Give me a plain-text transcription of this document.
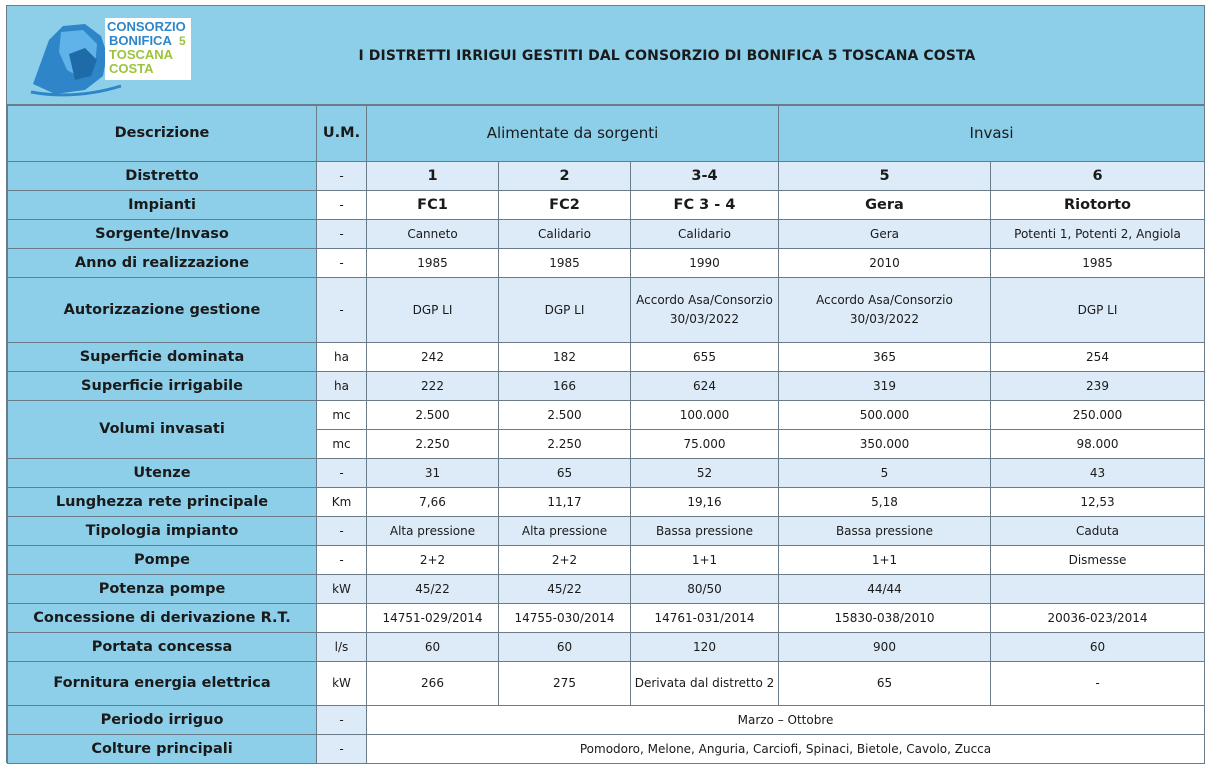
CONSORZIO
BONIFICA 5
TOSCANA
COSTA
I DISTRETTI IRRIGUI GESTITI DAL CONSORZIO DI BONIFICA 5 TOSCANA COSTA
Descrizione	U.M.	Alimentate da sorgenti			Invasi	
Distretto	-	1	2	3-4	5	6
Impianti	-	FC1	FC2	FC 3 - 4	Gera	Riotorto
Sorgente/Invaso	-	Canneto	Calidario	Calidario	Gera	Potenti 1, Potenti 2, Angiola
Anno di realizzazione	-	1985	1985	1990	2010	1985
Autorizzazione gestione	-	DGP LI	DGP LI	Accordo Asa/Consorzio 30/03/2022	Accordo Asa/Consorzio 30/03/2022	DGP LI
Superficie dominata	ha	242	182	655	365	254
Superficie irrigabile	ha	222	166	624	319	239
Volumi invasati	mc	2.500	2.500	100.000	500.000	250.000
	mc	2.250	2.250	75.000	350.000	98.000
Utenze	-	31	65	52	5	43
Lunghezza rete principale	Km	7,66	11,17	19,16	5,18	12,53
Tipologia impianto	-	Alta pressione	Alta pressione	Bassa pressione	Bassa pressione	Caduta
Pompe	-	2+2	2+2	1+1	1+1	Dismesse
Potenza pompe	kW	45/22	45/22	80/50	44/44	
Concessione di derivazione R.T.		14751-029/2014	14755-030/2014	14761-031/2014	15830-038/2010	20036-023/2014
Portata concessa	l/s	60	60	120	900	60
Fornitura energia elettrica	kW	266	275	Derivata dal distretto 2	65	-
Periodo irriguo	-	Marzo – Ottobre				
Colture principali	-	Pomodoro, Melone, Anguria, Carciofi, Spinaci, Bietole, Cavolo, Zucca				
